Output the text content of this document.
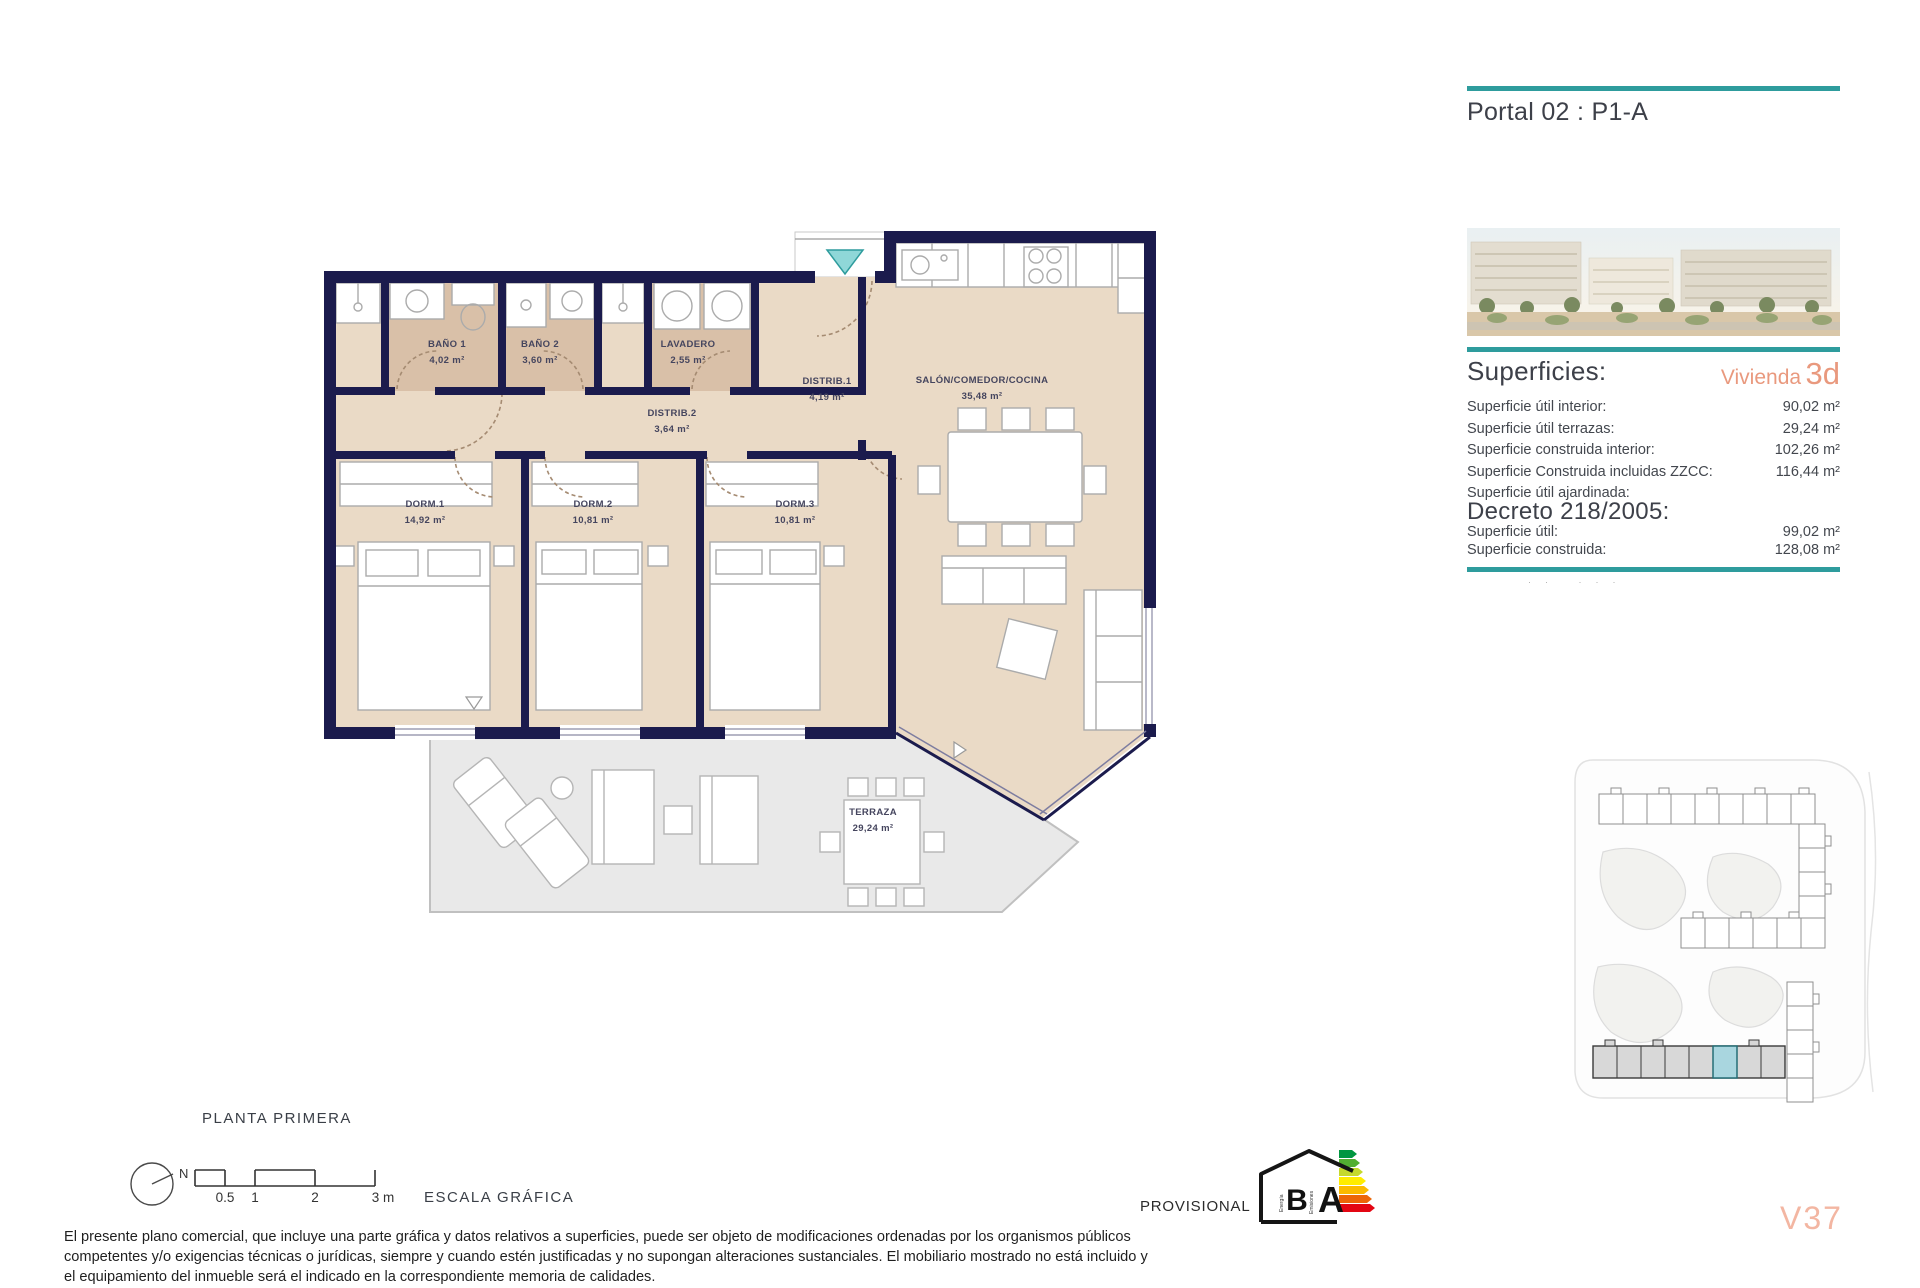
BAÑO 1
4,02 m²
BAÑO 2
3,60 m²
LAVADERO
2,55 m²
DISTRIB.1
4,19 m²
DISTRIB.2
3,64 m²
DORM.1
14,92 m²
DORM.2
10,81 m²
DORM.3
10,81 m²
SALÓN/COMEDOR/COCINA
35,48 m²
TERRAZA
29,24 m²
PLANTA PRIMERA
N
0.5 1	2	3 m ESCALA GRÁFICA
El presente plano comercial, que incluye una parte gráfica y datos relativos a superficies, puede ser objeto de modificaciones ordenadas por los organismos públicos competentes y/o exigencias técnicas o jurídicas, siempre y cuando estén justificadas y no supongan alteraciones sustanciales. El mobiliario mostrado no está incluido y el equipamiento del inmueble será el indicado en la correspondiente memoria de calidades.
PROVISIONAL	Energía	Emisiones
B A
Portal 02 : P1-A
Superficies:	Vivienda 3d
Superficie útil interior:	90,02 m²
Superficie útil terrazas:	29,24 m²
Superficie construida interior:	102,26 m²
Superficie Construida incluidas ZZCC:	116,44 m²
Superficie útil ajardinada:
Decreto 218/2005:
Superficie útil:	99,02 m²
Superficie construida:	128,08 m²
·· ···
V37
